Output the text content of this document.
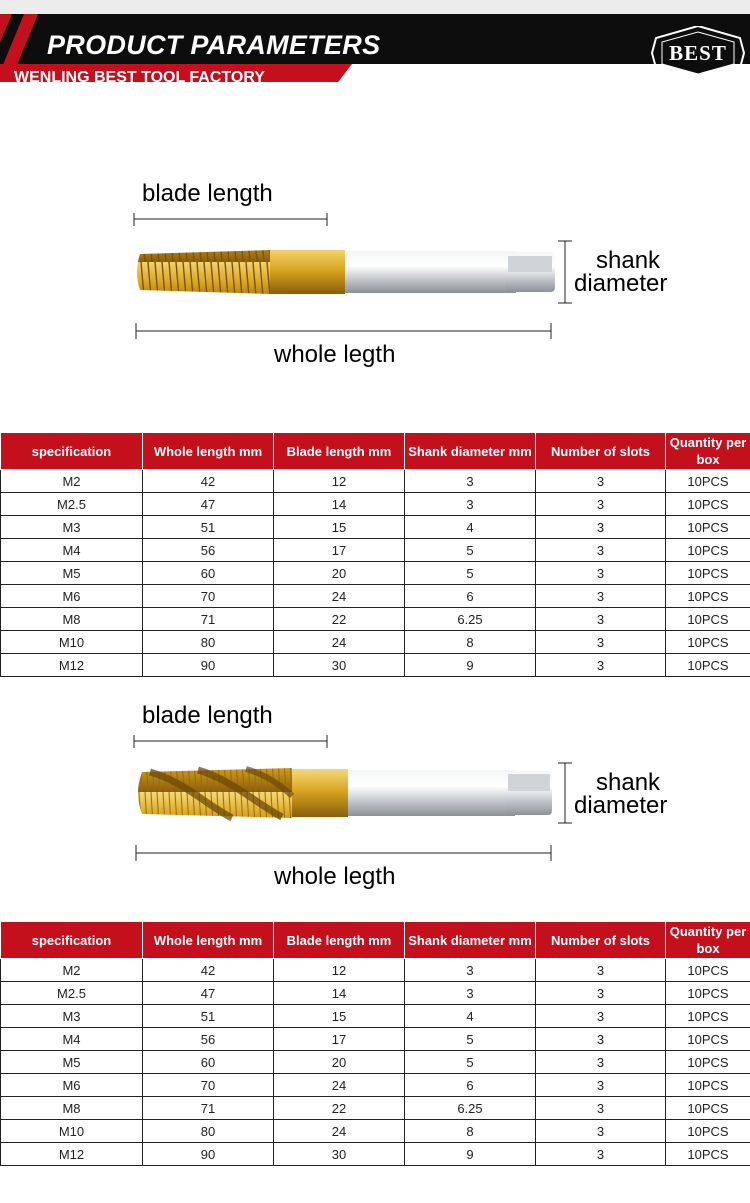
PRODUCT PARAMETERS
WENLING BEST TOOL FACTORY
BEST
blade length
shank
diameter
whole legth
specification	Whole length mm	Blade length mm	Shank diameter mm	Number of slots	Quantity per box
M2	42	12	3	3	10PCS
M2.5	47	14	3	3	10PCS
M3	51	15	4	3	10PCS
M4	56	17	5	3	10PCS
M5	60	20	5	3	10PCS
M6	70	24	6	3	10PCS
M8	71	22	6.25	3	10PCS
M10	80	24	8	3	10PCS
M12	90	30	9	3	10PCS
blade length
shank
diameter
whole legth
specification	Whole length mm	Blade length mm	Shank diameter mm	Number of slots	Quantity per box
M2	42	12	3	3	10PCS
M2.5	47	14	3	3	10PCS
M3	51	15	4	3	10PCS
M4	56	17	5	3	10PCS
M5	60	20	5	3	10PCS
M6	70	24	6	3	10PCS
M8	71	22	6.25	3	10PCS
M10	80	24	8	3	10PCS
M12	90	30	9	3	10PCS
